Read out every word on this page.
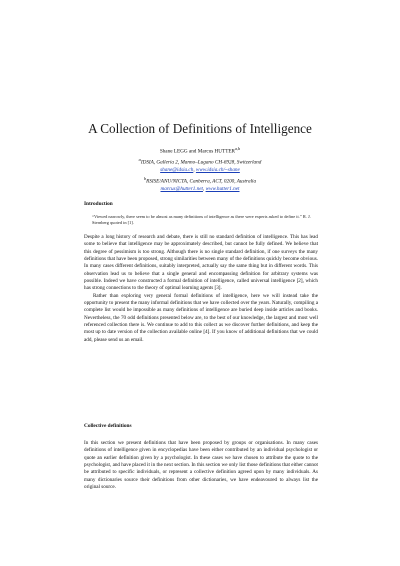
A Collection of Definitions of Intelligence
Shane LEGG and Marcus HUTTER$^{a,b}$
$^a$IDSIA, Galleria 2, Manno–Lugano CH-6928, Switzerland
shane@idsia.ch, www.idsia.ch/~shane
$^b$RSISE/ANU/NICTA, Canberra, ACT, 0200, Australia
marcus@hutter1.net, www.hutter1.net
Introduction
“Viewed narrowly, there seem to be almost as many definitions of intelligence as there were experts asked to define it.” R. J. Sternberg quoted in [1].

Despite a long history of research and debate, there is still no standard definition of intelligence. This has lead some to believe that intelligence may be approximately described, but cannot be fully defined. We believe that this degree of pessimism is too strong. Although there is no single standard definition, if one surveys the many definitions that have been proposed, strong similarities between many of the definitions quickly become obvious. In many cases different definitions, suitably interpreted, actually say the same thing but in different words. This observation lead us to believe that a single general and encompassing definition for arbitrary systems was possible. Indeed we have constructed a formal definition of intelligence, called universal intelligence [2], which has strong connections to the theory of optimal learning agents [3].

Rather than exploring very general formal definitions of intelligence, here we will instead take the opportunity to present the many informal definitions that we have collected over the years. Naturally, compiling a complete list would be impossible as many definitions of intelligence are buried deep inside articles and books. Nevertheless, the 70 odd definitions presented below are, to the best of our knowledge, the largest and most well referenced collection there is. We continue to add to this collect as we discover further definitions, and keep the most up to date version of the collection available online [4]. If you know of additional definitions that we could add, please send us an email.

Collective definitions

In this section we present definitions that have been proposed by groups or organisations. In many cases definitions of intelligence given in encyclopedias have been either contributed by an individual psychologist or quote an earlier definition given by a psychologist. In these cases we have chosen to attribute the quote to the psychologist, and have placed it in the next section. In this section we only list those definitions that either cannot be attributed to specific individuals, or represent a collective definition agreed upon by many individuals. As many dictionaries source their definitions from other dictionaries, we have endeavoured to always list the original source.
